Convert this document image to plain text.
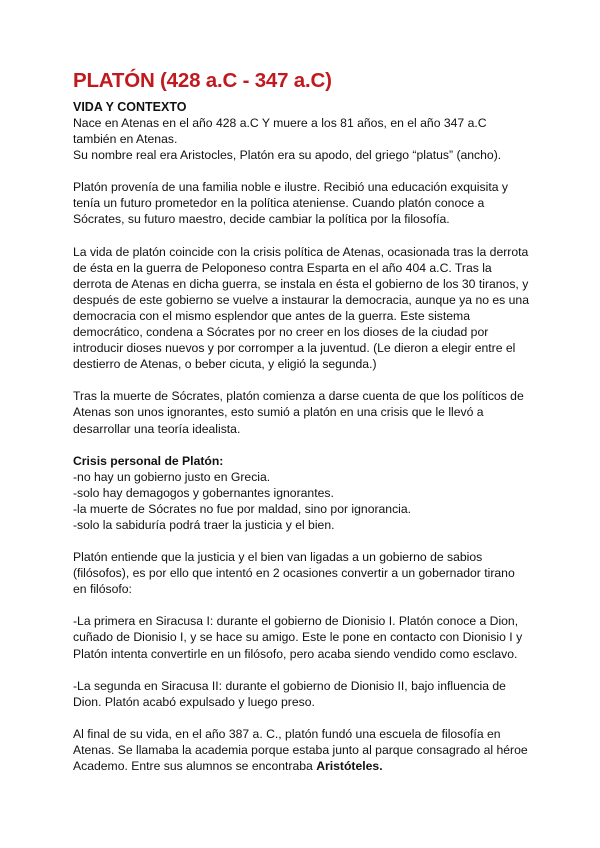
PLATÓN (428 a.C - 347 a.C)
VIDA Y CONTEXTO

Nace en Atenas en el año 428 a.C Y muere a los 81 años, en el año 347 a.C
también en Atenas.
Su nombre real era Aristocles, Platón era su apodo, del griego “platus” (ancho).

Platón provenía de una familia noble e ilustre. Recibió una educación exquisita y
tenía un futuro prometedor en la política ateniense. Cuando platón conoce a
Sócrates, su futuro maestro, decide cambiar la política por la filosofía.

La vida de platón coincide con la crisis política de Atenas, ocasionada tras la derrota
de ésta en la guerra de Peloponeso contra Esparta en el año 404 a.C. Tras la
derrota de Atenas en dicha guerra, se instala en ésta el gobierno de los 30 tiranos, y
después de este gobierno se vuelve a instaurar la democracia, aunque ya no es una
democracia con el mismo esplendor que antes de la guerra. Este sistema
democrático, condena a Sócrates por no creer en los dioses de la ciudad por
introducir dioses nuevos y por corromper a la juventud. (Le dieron a elegir entre el
destierro de Atenas, o beber cicuta, y eligió la segunda.)

Tras la muerte de Sócrates, platón comienza a darse cuenta de que los políticos de
Atenas son unos ignorantes, esto sumió a platón en una crisis que le llevó a
desarrollar una teoría idealista.

Crisis personal de Platón:

-no hay un gobierno justo en Grecia.

-solo hay demagogos y gobernantes ignorantes.

-la muerte de Sócrates no fue por maldad, sino por ignorancia.

-solo la sabiduría podrá traer la justicia y el bien.

Platón entiende que la justicia y el bien van ligadas a un gobierno de sabios
(filósofos), es por ello que intentó en 2 ocasiones convertir a un gobernador tirano
en filósofo:

-La primera en Siracusa I: durante el gobierno de Dionisio I. Platón conoce a Dion,
cuñado de Dionisio I, y se hace su amigo. Este le pone en contacto con Dionisio I y
Platón intenta convertirle en un filósofo, pero acaba siendo vendido como esclavo.

-La segunda en Siracusa II: durante el gobierno de Dionisio II, bajo influencia de
Dion. Platón acabó expulsado y luego preso.

Al final de su vida, en el año 387 a. C., platón fundó una escuela de filosofía en
Atenas. Se llamaba la academia porque estaba junto al parque consagrado al héroe
Academo. Entre sus alumnos se encontraba Aristóteles.
